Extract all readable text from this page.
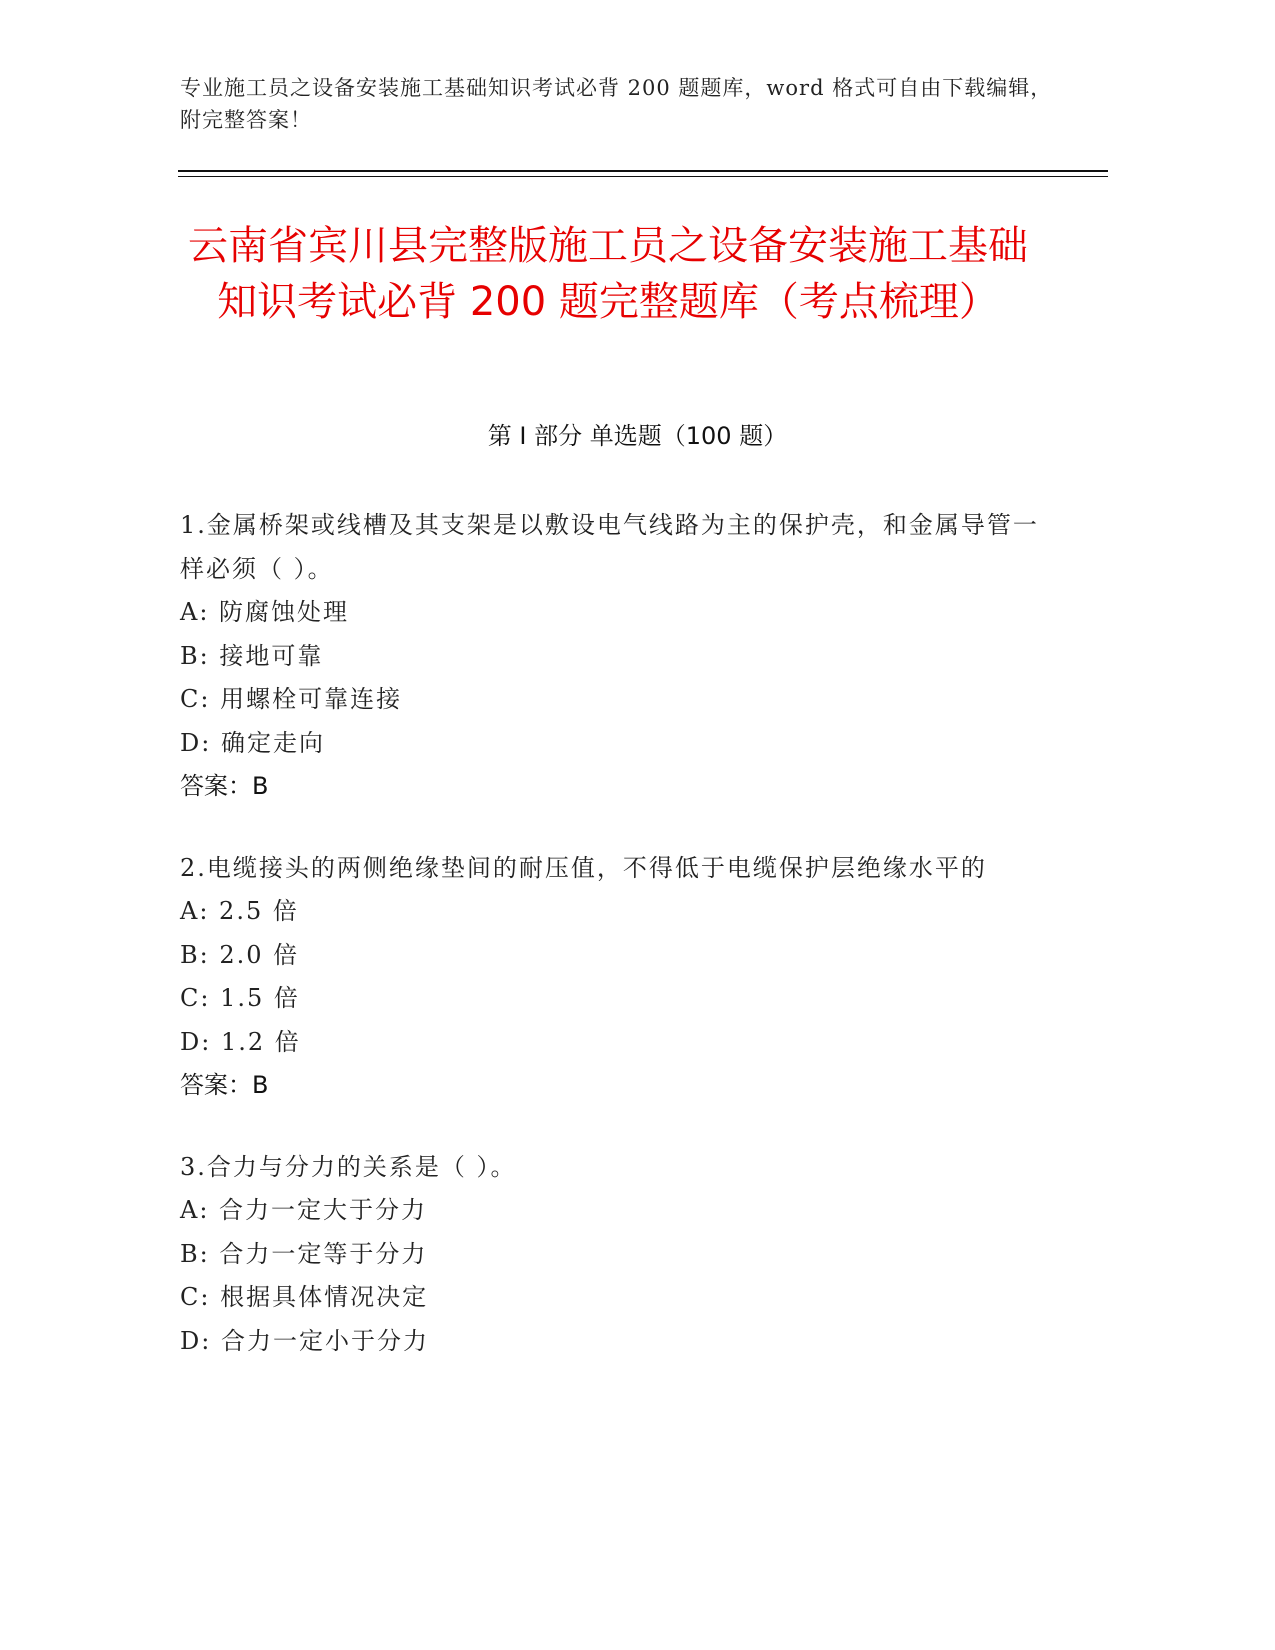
专业施工员之设备安装施工基础知识考试必背 200 题题库，word 格式可自由下载编辑，附完整答案！
云南省宾川县完整版施工员之设备安装施工基础知识考试必背 200 题完整题库（考点梳理）
第 I 部分 单选题（100 题）

1.金属桥架或线槽及其支架是以敷设电气线路为主的保护壳，和金属导管一样必须（ ）。

A: 防腐蚀处理

B: 接地可靠

C: 用螺栓可靠连接

D: 确定走向

答案：B

2.电缆接头的两侧绝缘垫间的耐压值，不得低于电缆保护层绝缘水平的

A: 2.5 倍

B: 2.0 倍

C: 1.5 倍

D: 1.2 倍

答案：B

3.合力与分力的关系是（ ）。

A: 合力一定大于分力

B: 合力一定等于分力

C: 根据具体情况决定

D: 合力一定小于分力
